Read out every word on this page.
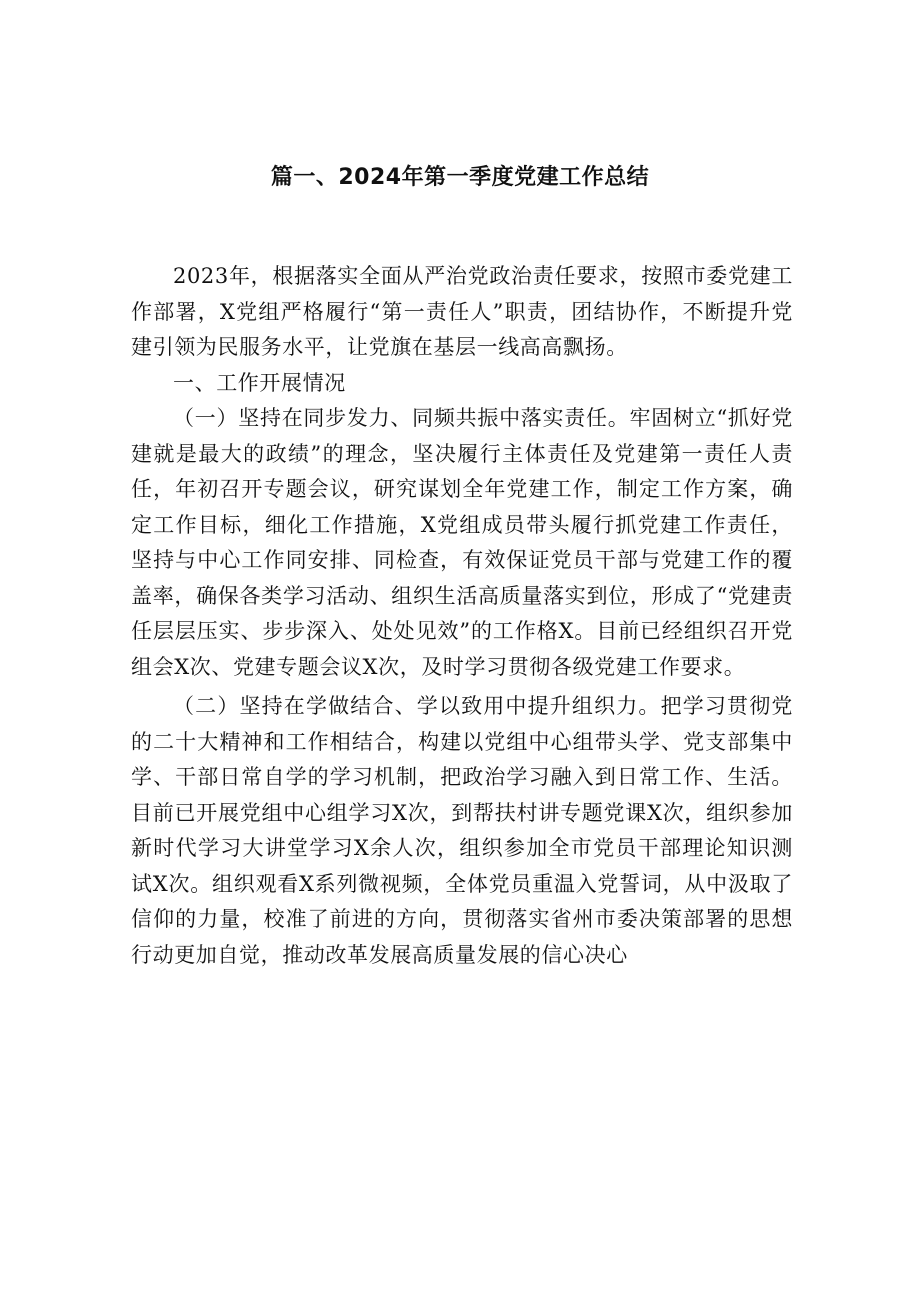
篇一、2024年第一季度党建工作总结

2023年，根据落实全面从严治党政治责任要求，按照市委党建工作部署，X党组严格履行“第一责任人”职责，团结协作，不断提升党建引领为民服务水平，让党旗在基层一线高高飘扬。

一、工作开展情况

（一）坚持在同步发力、同频共振中落实责任。牢固树立“抓好党建就是最大的政绩”的理念，坚决履行主体责任及党建第一责任人责任，年初召开专题会议，研究谋划全年党建工作，制定工作方案，确定工作目标，细化工作措施，X党组成员带头履行抓党建工作责任，坚持与中心工作同安排、同检查，有效保证党员干部与党建工作的覆盖率，确保各类学习活动、组织生活高质量落实到位，形成了“党建责任层层压实、步步深入、处处见效”的工作格X。目前已经组织召开党组会X次、党建专题会议X次，及时学习贯彻各级党建工作要求。

（二）坚持在学做结合、学以致用中提升组织力。把学习贯彻党的二十大精神和工作相结合，构建以党组中心组带头学、党支部集中学、干部日常自学的学习机制，把政治学习融入到日常工作、生活。目前已开展党组中心组学习X次，到帮扶村讲专题党课X次，组织参加新时代学习大讲堂学习X余人次，组织参加全市党员干部理论知识测试X次。组织观看X系列微视频，全体党员重温入党誓词，从中汲取了信仰的力量，校准了前进的方向，贯彻落实省州市委决策部署的思想行动更加自觉，推动改革发展高质量发展的信心决心
